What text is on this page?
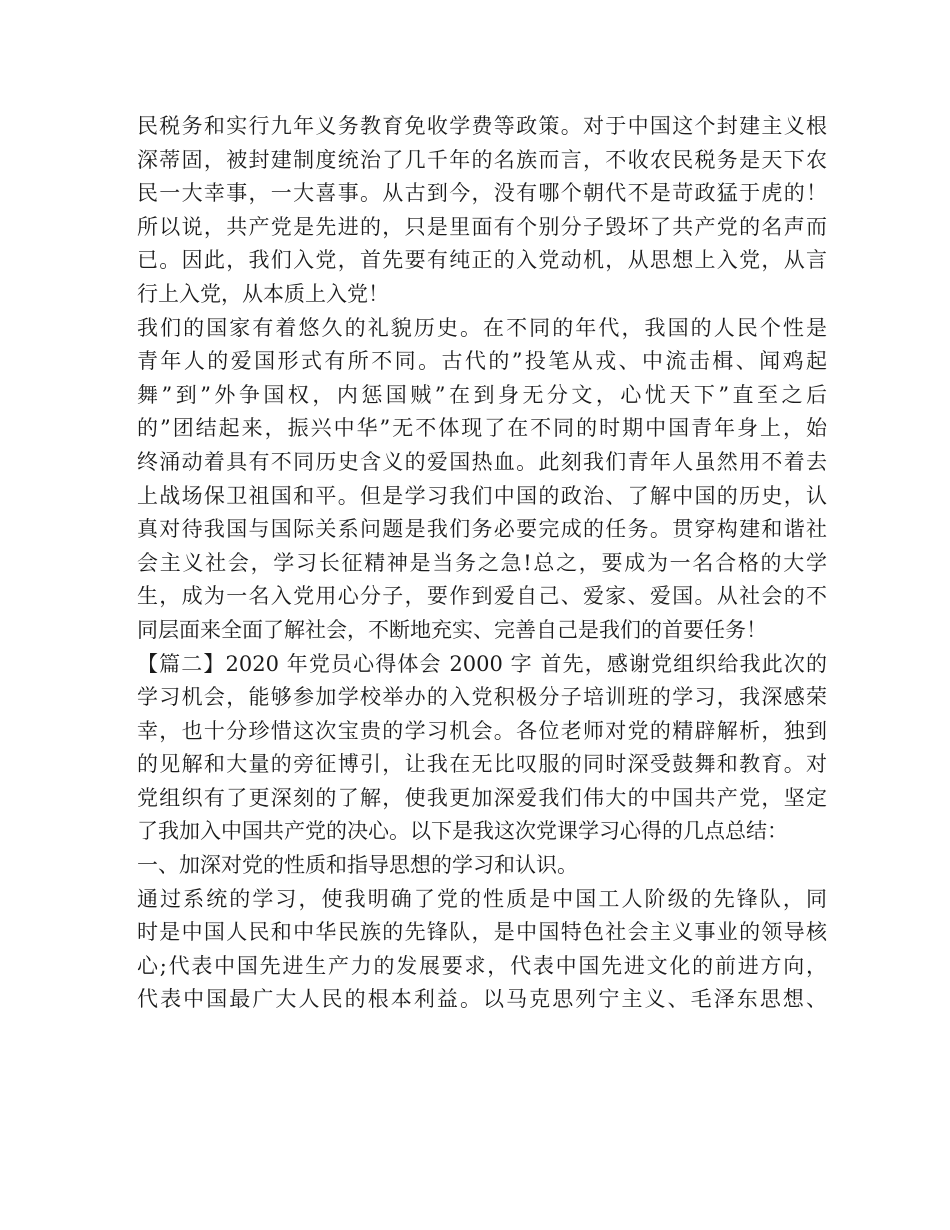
民税务和实行九年义务教育免收学费等政策。对于中国这个封建主义根
深蒂固，被封建制度统治了几千年的名族而言，不收农民税务是天下农
民一大幸事，一大喜事。从古到今，没有哪个朝代不是苛政猛于虎的！
所以说，共产党是先进的，只是里面有个别分子毁坏了共产党的名声而
已。因此，我们入党，首先要有纯正的入党动机，从思想上入党，从言
行上入党，从本质上入党！
我们的国家有着悠久的礼貌历史。在不同的年代，我国的人民个性是
青年人的爱国形式有所不同。古代的”投笔从戎、中流击楫、闻鸡起
舞”到”外争国权，内惩国贼”在到身无分文，心忧天下”直至之后
的”团结起来，振兴中华”无不体现了在不同的时期中国青年身上，始
终涌动着具有不同历史含义的爱国热血。此刻我们青年人虽然用不着去
上战场保卫祖国和平。但是学习我们中国的政治、了解中国的历史，认
真对待我国与国际关系问题是我们务必要完成的任务。贯穿构建和谐社
会主义社会，学习长征精神是当务之急!总之，要成为一名合格的大学
生，成为一名入党用心分子，要作到爱自己、爱家、爱国。从社会的不
同层面来全面了解社会，不断地充实、完善自己是我们的首要任务！
【篇二】2020 年党员心得体会 2000 字 首先，感谢党组织给我此次的
学习机会，能够参加学校举办的入党积极分子培训班的学习，我深感荣
幸，也十分珍惜这次宝贵的学习机会。各位老师对党的精辟解析，独到
的见解和大量的旁征博引，让我在无比叹服的同时深受鼓舞和教育。对
党组织有了更深刻的了解，使我更加深爱我们伟大的中国共产党，坚定
了我加入中国共产党的决心。以下是我这次党课学习心得的几点总结：
一、加深对党的性质和指导思想的学习和认识。
通过系统的学习，使我明确了党的性质是中国工人阶级的先锋队，同
时是中国人民和中华民族的先锋队，是中国特色社会主义事业的领导核
心;代表中国先进生产力的发展要求，代表中国先进文化的前进方向，
代表中国最广大人民的根本利益。以马克思列宁主义、毛泽东思想、
